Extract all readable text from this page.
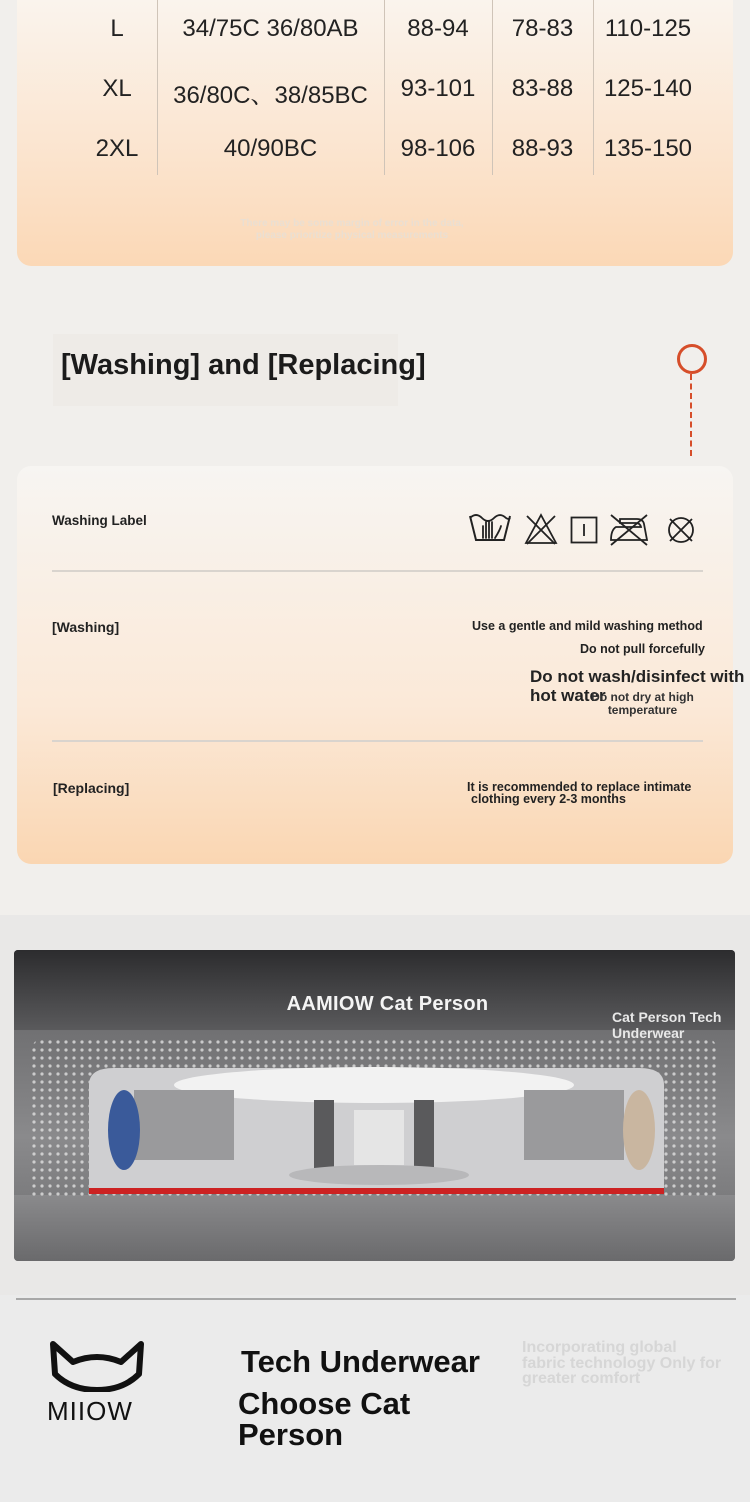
L	34/75C 36/80AB	88-94	78-83	110-125
XL	36/80C、38/85BC	93-101	83-88	125-140
2XL	40/90BC	98-106	88-93	135-150
There may be some margin of error in the data,
please prioritize physical measurements
[Washing] and [Replacing]
Washing Label
[Washing]	Use a gentle and mild washing method
Do not pull forcefully
Do not wash/disinfect with hot water
Do not dry at high temperature
[Replacing]	It is recommended to replace intimate
clothing every 2-3 months
AAMIOW Cat Person
Cat Person Tech Underwear
MIIOW
Tech Underwear
Choose Cat Person
Incorporating global fabric technology Only for greater comfort
